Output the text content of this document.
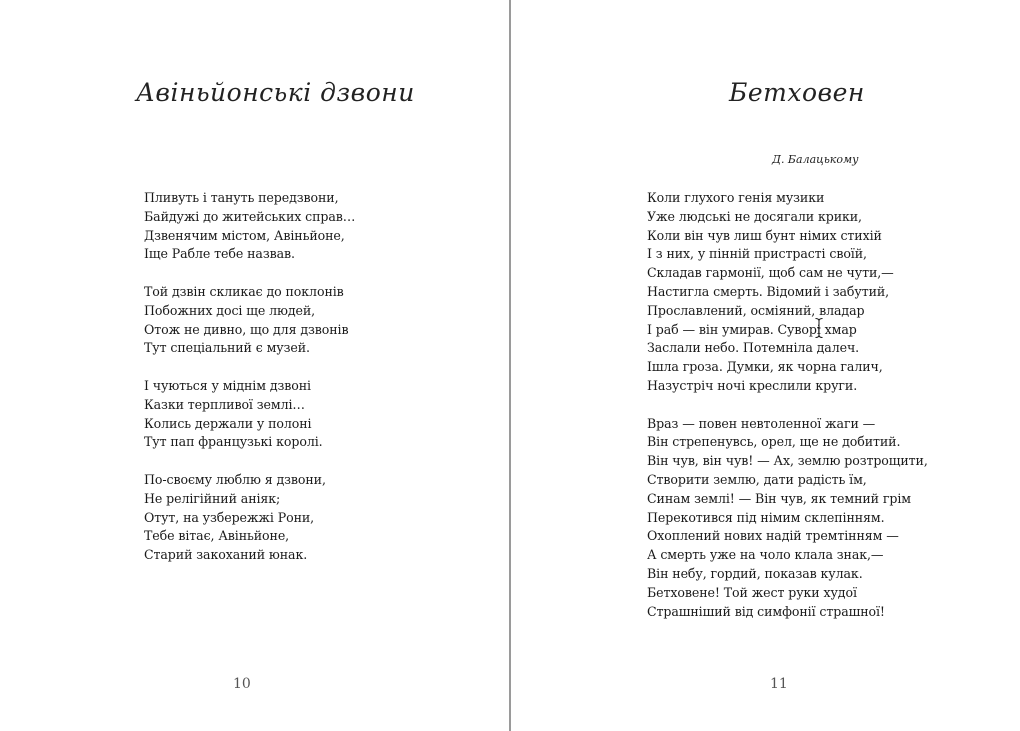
Авіньйонські дзвони
Пливуть і тануть передзвони,
Байдужі до житейських справ…
Дзвенячим містом, Авіньйоне,
Іще Рабле тебе назвав.
Той дзвін скликає до поклонів
Побожних досі ще людей,
Отож не дивно, що для дзвонів
Тут спеціальний є музей.
І чуються у міднім дзвоні
Казки терпливої землі…
Колись держали у полоні
Тут пап французькі королі.
По-своєму люблю я дзвони,
Не релігійний аніяк;
Отут, на узбережжі Рони,
Тебе вітає, Авіньйоне,
Старий закоханий юнак.
10
Бетховен
Д. Балацькому
Коли глухого генія музики
Уже людські не досягали крики,
Коли він чув лиш бунт німих стихій
І з них, у пінній пристрасті своїй,
Складав гармонії, щоб сам не чути,—
Настигла смерть. Відомий і забутий,
Прославлений, осміяний, владар
І раб — він умирав. Суворі хмар
Заслали небо. Потемніла далеч.
Ішла гроза. Думки, як чорна галич,
Назустріч ночі креслили круги.
Враз — повен невтоленної жаги —
Він стрепенувсь, орел, ще не добитий.
Він чув, він чув! — Ах, землю розтрощити,
Створити землю, дати радість їм,
Синам землі! — Він чув, як темний грім
Перекотився під німим склепінням.
Охоплений нових надій тремтінням —
А смерть уже на чоло клала знак,—
Він небу, гордий, показав кулак.
Бетховене! Той жест руки худої
Страшніший від симфонії страшної!
11
